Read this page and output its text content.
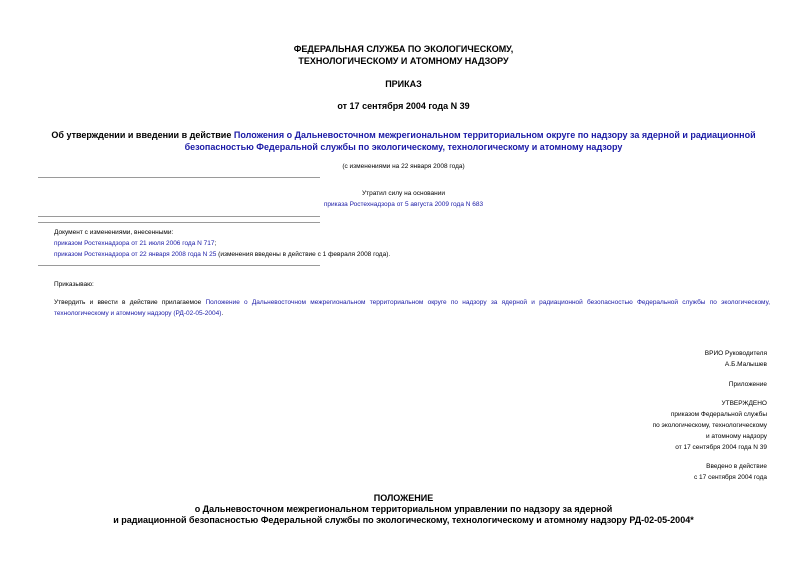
ФЕДЕРАЛЬНАЯ СЛУЖБА ПО ЭКОЛОГИЧЕСКОМУ,
ТЕХНОЛОГИЧЕСКОМУ И АТОМНОМУ НАДЗОРУ
ПРИКАЗ
от 17 сентября 2004 года N 39
Об утверждении и введении в действие Положения о Дальневосточном межрегиональном территориальном округе по надзору за ядерной и радиационной
безопасностью Федеральной службы по экологическому, технологическому и атомному надзору
(с изменениями на 22 января 2008 года)
Утратил силу на основании
приказа Ростехнадзора от 5 августа 2009 года N 683
Документ с изменениями, внесенными:
приказом Ростехнадзора от 21 июля 2006 года N 717;
приказом Ростехнадзора от 22 января 2008 года N 25 (изменения введены в действие с 1 февраля 2008 года).
Приказываю:
Утвердить и ввести в действие прилагаемое Положение о Дальневосточном межрегиональном территориальном округе по надзору за ядерной и радиационной безопасностью Федеральной службы по экологическому, технологическому и атомному надзору (РД-02-05-2004).
ВРИО Руководителя
А.Б.Малышев
Приложение
УТВЕРЖДЕНО
приказом Федеральной службы
по экологическому, технологическому
и атомному надзору
от 17 сентября 2004 года N 39
Введено в действие
с 17 сентября 2004 года
ПОЛОЖЕНИЕ
о Дальневосточном межрегиональном территориальном управлении по надзору за ядерной
и радиационной безопасностью Федеральной службы по экологическому, технологическому и атомному надзору РД-02-05-2004*
